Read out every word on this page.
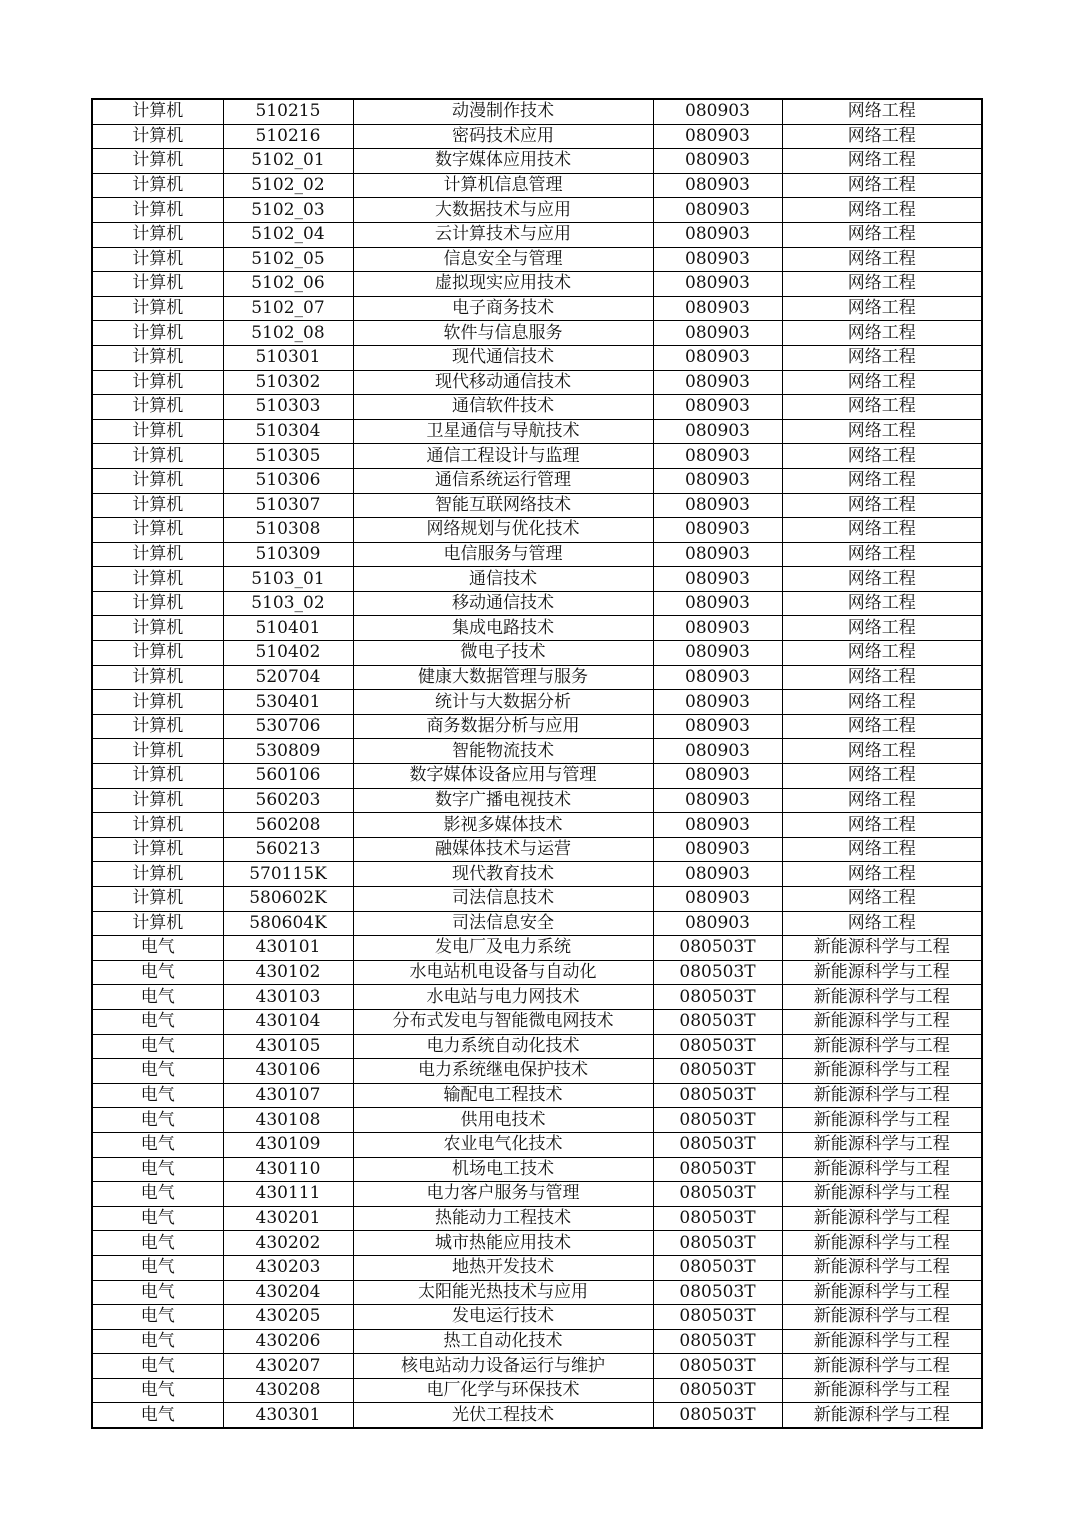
计算机	510215	动漫制作技术	080903	网络工程
计算机	510216	密码技术应用	080903	网络工程
计算机	5102_01	数字媒体应用技术	080903	网络工程
计算机	5102_02	计算机信息管理	080903	网络工程
计算机	5102_03	大数据技术与应用	080903	网络工程
计算机	5102_04	云计算技术与应用	080903	网络工程
计算机	5102_05	信息安全与管理	080903	网络工程
计算机	5102_06	虚拟现实应用技术	080903	网络工程
计算机	5102_07	电子商务技术	080903	网络工程
计算机	5102_08	软件与信息服务	080903	网络工程
计算机	510301	现代通信技术	080903	网络工程
计算机	510302	现代移动通信技术	080903	网络工程
计算机	510303	通信软件技术	080903	网络工程
计算机	510304	卫星通信与导航技术	080903	网络工程
计算机	510305	通信工程设计与监理	080903	网络工程
计算机	510306	通信系统运行管理	080903	网络工程
计算机	510307	智能互联网络技术	080903	网络工程
计算机	510308	网络规划与优化技术	080903	网络工程
计算机	510309	电信服务与管理	080903	网络工程
计算机	5103_01	通信技术	080903	网络工程
计算机	5103_02	移动通信技术	080903	网络工程
计算机	510401	集成电路技术	080903	网络工程
计算机	510402	微电子技术	080903	网络工程
计算机	520704	健康大数据管理与服务	080903	网络工程
计算机	530401	统计与大数据分析	080903	网络工程
计算机	530706	商务数据分析与应用	080903	网络工程
计算机	530809	智能物流技术	080903	网络工程
计算机	560106	数字媒体设备应用与管理	080903	网络工程
计算机	560203	数字广播电视技术	080903	网络工程
计算机	560208	影视多媒体技术	080903	网络工程
计算机	560213	融媒体技术与运营	080903	网络工程
计算机	570115K	现代教育技术	080903	网络工程
计算机	580602K	司法信息技术	080903	网络工程
计算机	580604K	司法信息安全	080903	网络工程
电气	430101	发电厂及电力系统	080503T	新能源科学与工程
电气	430102	水电站机电设备与自动化	080503T	新能源科学与工程
电气	430103	水电站与电力网技术	080503T	新能源科学与工程
电气	430104	分布式发电与智能微电网技术	080503T	新能源科学与工程
电气	430105	电力系统自动化技术	080503T	新能源科学与工程
电气	430106	电力系统继电保护技术	080503T	新能源科学与工程
电气	430107	输配电工程技术	080503T	新能源科学与工程
电气	430108	供用电技术	080503T	新能源科学与工程
电气	430109	农业电气化技术	080503T	新能源科学与工程
电气	430110	机场电工技术	080503T	新能源科学与工程
电气	430111	电力客户服务与管理	080503T	新能源科学与工程
电气	430201	热能动力工程技术	080503T	新能源科学与工程
电气	430202	城市热能应用技术	080503T	新能源科学与工程
电气	430203	地热开发技术	080503T	新能源科学与工程
电气	430204	太阳能光热技术与应用	080503T	新能源科学与工程
电气	430205	发电运行技术	080503T	新能源科学与工程
电气	430206	热工自动化技术	080503T	新能源科学与工程
电气	430207	核电站动力设备运行与维护	080503T	新能源科学与工程
电气	430208	电厂化学与环保技术	080503T	新能源科学与工程
电气	430301	光伏工程技术	080503T	新能源科学与工程
